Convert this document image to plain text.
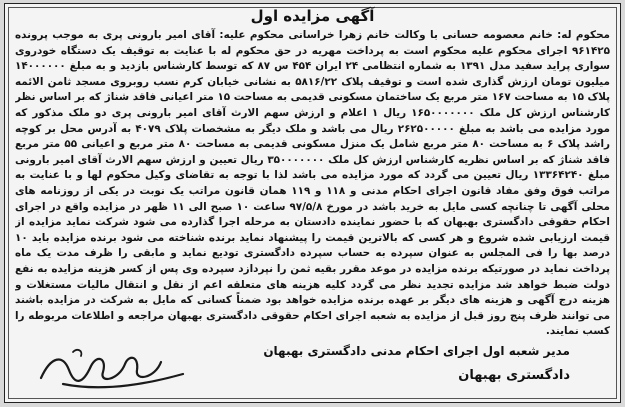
آگهی مزایده اول
محکوم له: خانم معصومه حسانی با وکالت خانم زهرا خراسانی محکوم علیه: آقای امیر بارونی پری به موجب پرونده ۹۶۱۴۲۵ اجرای محکوم علیه محکوم است به پرداخت مهریه در حق محکوم له با عنایت به توقیف یک دستگاه خودروی سواری پراید سفید مدل ۱۳۹۱ به شماره انتظامی ۲۴ ایران ۴۵۴ س ۸۷ که توسط کارشناس بازدید و به مبلغ ۱۴۰۰۰۰۰۰ میلیون تومان ارزش گذاری شده است و توقیف پلاک ۵۸۱۶/۲۲ به نشانی خیابان کرم نسب روبروی مسجد ثامن الائمه پلاک ۱۵ به مساحت ۱۶۷ متر مربع یک ساختمان مسکونی قدیمی به مساحت ۱۵ متر اعیانی فاقد شناژ که بر اساس نظر کارشناس ارزش کل ملک ۱۶۵۰۰۰۰۰۰۰ ریال ۱ اعلام و ارزش سهم الارث آقای امیر بارونی پری دو ملک مذکور که مورد مزایده می باشد به مبلغ ۲۶۲۵۰۰۰۰۰ ریال می باشد و ملک دیگر به مشخصات پلاک ۴۰۷۹ به آدرس محل بر کوچه راشد پلاک ۶ به مساحت ۸۰ متر مربع شامل یک منزل مسکونی قدیمی به مساحت ۸۰ متر مربع و اعیانی ۵۵ متر مربع فاقد شناژ که بر اساس نظریه کارشناس ارزش کل ملک ۳۵۰۰۰۰۰۰۰ ریال تعیین و ارزش سهم الارث آقای امیر بارونی مبلغ ۱۳۳۶۴۲۴۰ ریال تعیین می گردد که مورد مزایده می باشد لذا با توجه به تقاضای وکیل محکوم لها و با عنایت به مراتب فوق وفق مفاد قانون اجرای احکام مدنی و ۱۱۸ و ۱۱۹ همان قانون مراتب یک نوبت در یکی از روزنامه های محلی آگهی تا چنانچه کسی مایل به خرید باشد در مورخ ۹۷/۵/۸ ساعت ۱۰ صبح الی ۱۱ ظهر در مزایده واقع در اجرای احکام حقوقی دادگستری بهبهان که با حضور نماینده دادستان به مرحله اجرا گذارده می شود شرکت نماید مزایده از قیمت ارزیابی شده شروع و هر کسی که بالاترین قیمت را پیشنهاد نماید برنده شناخته می شود برنده مزایده باید ۱۰ درصد بها را فی المجلس به عنوان سپرده به حساب سپرده دادگستری تودیع نماید و مابقی را ظرف مدت یک ماه پرداخت نماید در صورتیکه برنده مزایده در موعد مقرر بقیه ثمن را نپردازد سپرده وی پس از کسر هزینه مزایده به نفع دولت ضبط خواهد شد مزایده تجدید نظر می گردد کلیه هزینه های متعلقه اعم از نقل و انتقال مالیات مستغلات و هزینه درج آگهی و هزینه های دیگر بر عهده برنده مزایده خواهد بود ضمناً کسانی که مایل به شرکت در مزایده باشند می توانند ظرف پنج روز قبل از مزایده به شعبه اجرای احکام حقوقی دادگستری بهبهان مراجعه و اطلاعات مربوطه را کسب نمایند.
مدیر شعبه اول اجرای احکام مدنی دادگستری بهبهان
دادگستری بهبهان
